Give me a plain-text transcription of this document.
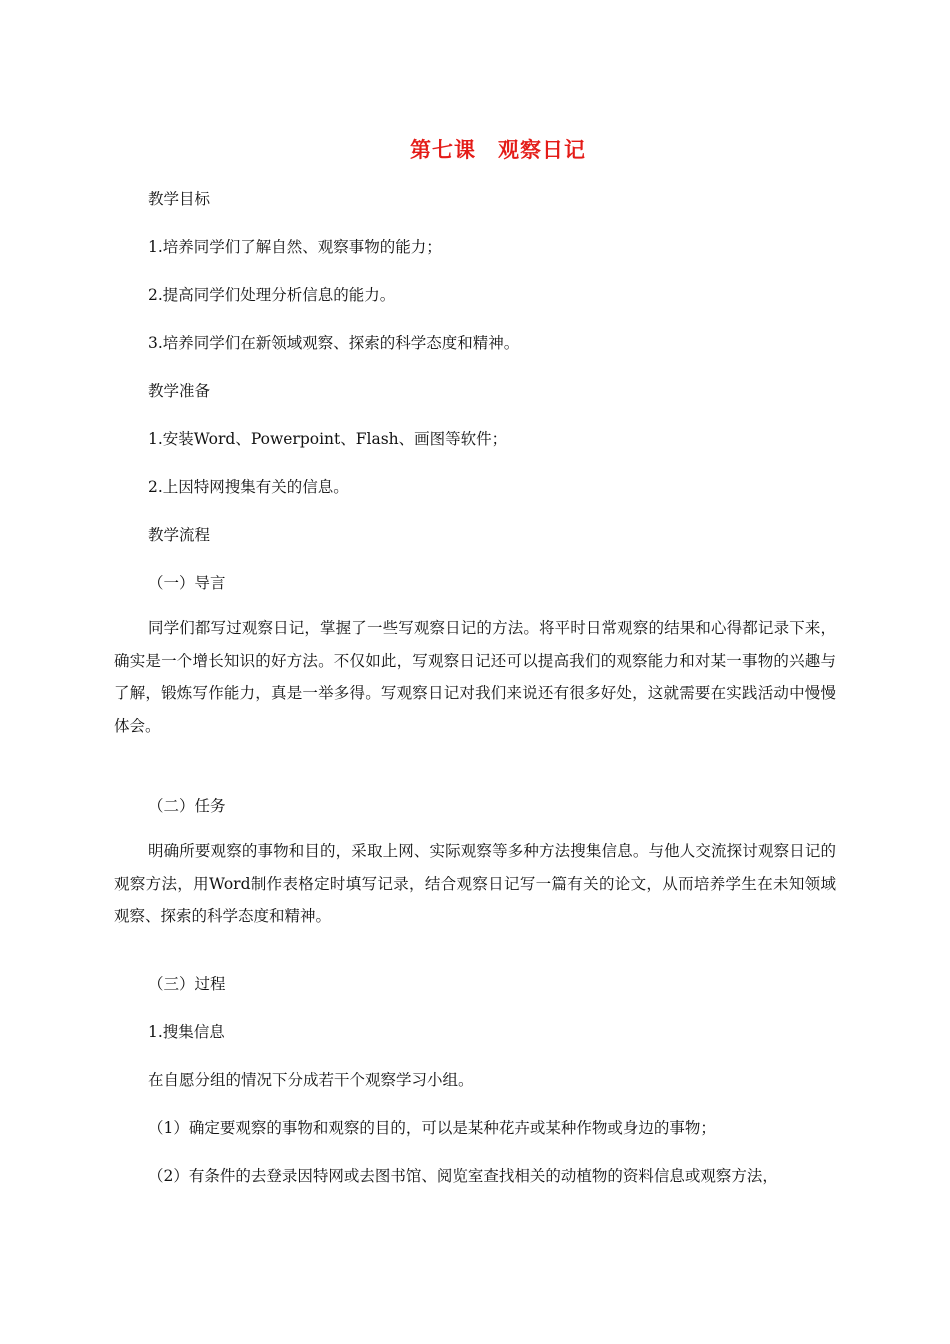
第七课　观察日记
教学目标
1.培养同学们了解自然、观察事物的能力；
2.提高同学们处理分析信息的能力。
3.培养同学们在新领域观察、探索的科学态度和精神。
教学准备
1.安装Word、Powerpoint、Flash、画图等软件；
2.上因特网搜集有关的信息。
教学流程
（一）导言
同学们都写过观察日记，掌握了一些写观察日记的方法。将平时日常观察的结果和心得都记录下来，确实是一个增长知识的好方法。不仅如此，写观察日记还可以提高我们的观察能力和对某一事物的兴趣与了解，锻炼写作能力，真是一举多得。写观察日记对我们来说还有很多好处，这就需要在实践活动中慢慢体会。
（二）任务
明确所要观察的事物和目的，采取上网、实际观察等多种方法搜集信息。与他人交流探讨观察日记的观察方法，用Word制作表格定时填写记录，结合观察日记写一篇有关的论文，从而培养学生在未知领域观察、探索的科学态度和精神。
（三）过程
1.搜集信息
在自愿分组的情况下分成若干个观察学习小组。
（1）确定要观察的事物和观察的目的，可以是某种花卉或某种作物或身边的事物；
（2）有条件的去登录因特网或去图书馆、阅览室查找相关的动植物的资料信息或观察方法，
